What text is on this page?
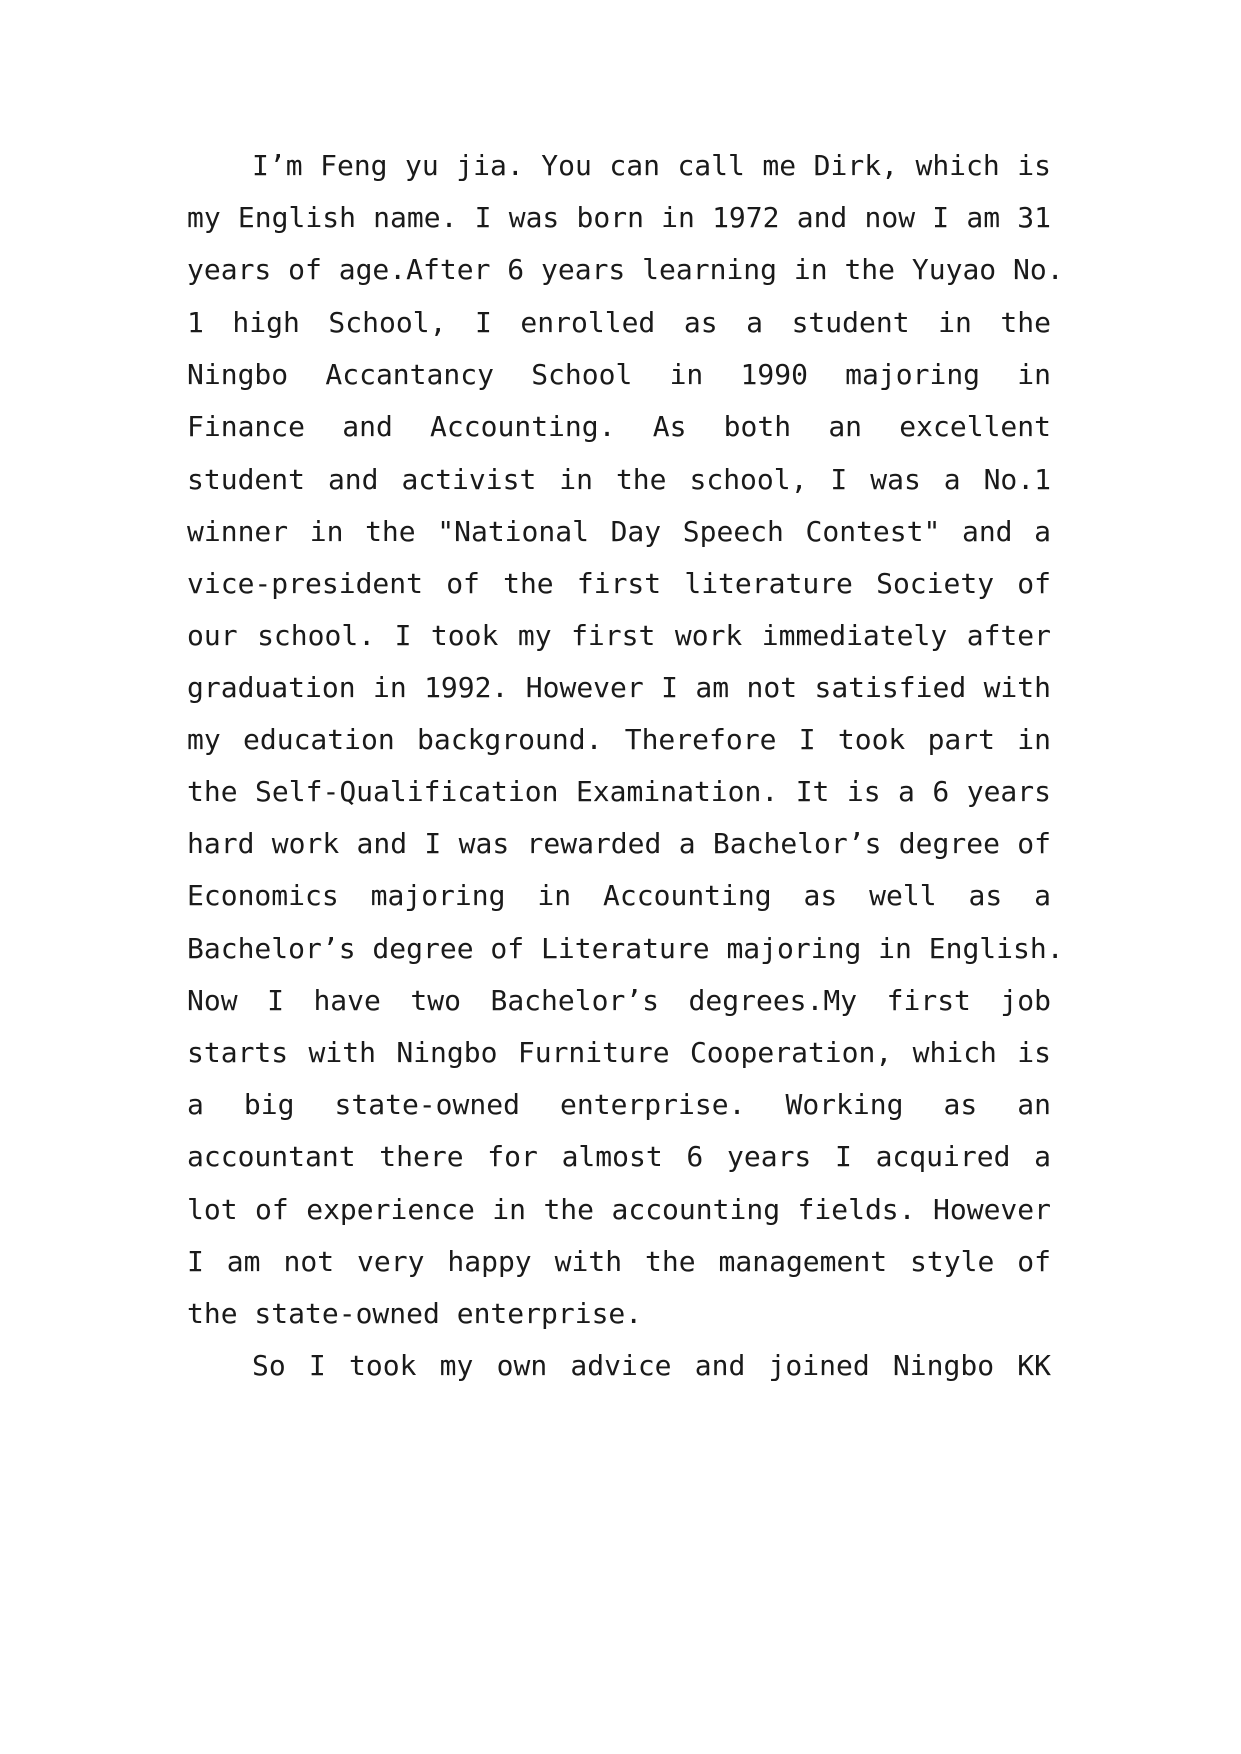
I’m Feng yu jia. You can call me Dirk, which is
my English name. I was born in 1972 and now I am 31
years of age.After 6 years learning in the Yuyao No.
1 high School, I enrolled as a student in the
Ningbo Accantancy School in 1990 majoring in
Finance and Accounting. As both an excellent
student and activist in the school, I was a No.1
winner in the "National Day Speech Contest" and a
vice-president of the first literature Society of
our school. I took my first work immediately after
graduation in 1992. However I am not satisfied with
my education background. Therefore I took part in
the Self-Qualification Examination. It is a 6 years
hard work and I was rewarded a Bachelor’s degree of
Economics majoring in Accounting as well as a
Bachelor’s degree of Literature majoring in English.
Now I have two Bachelor’s degrees.My first job
starts with Ningbo Furniture Cooperation, which is
a big state-owned enterprise. Working as an
accountant there for almost 6 years I acquired a
lot of experience in the accounting fields. However
I am not very happy with the management style of
the state-owned enterprise.
So I took my own advice and joined Ningbo KK
